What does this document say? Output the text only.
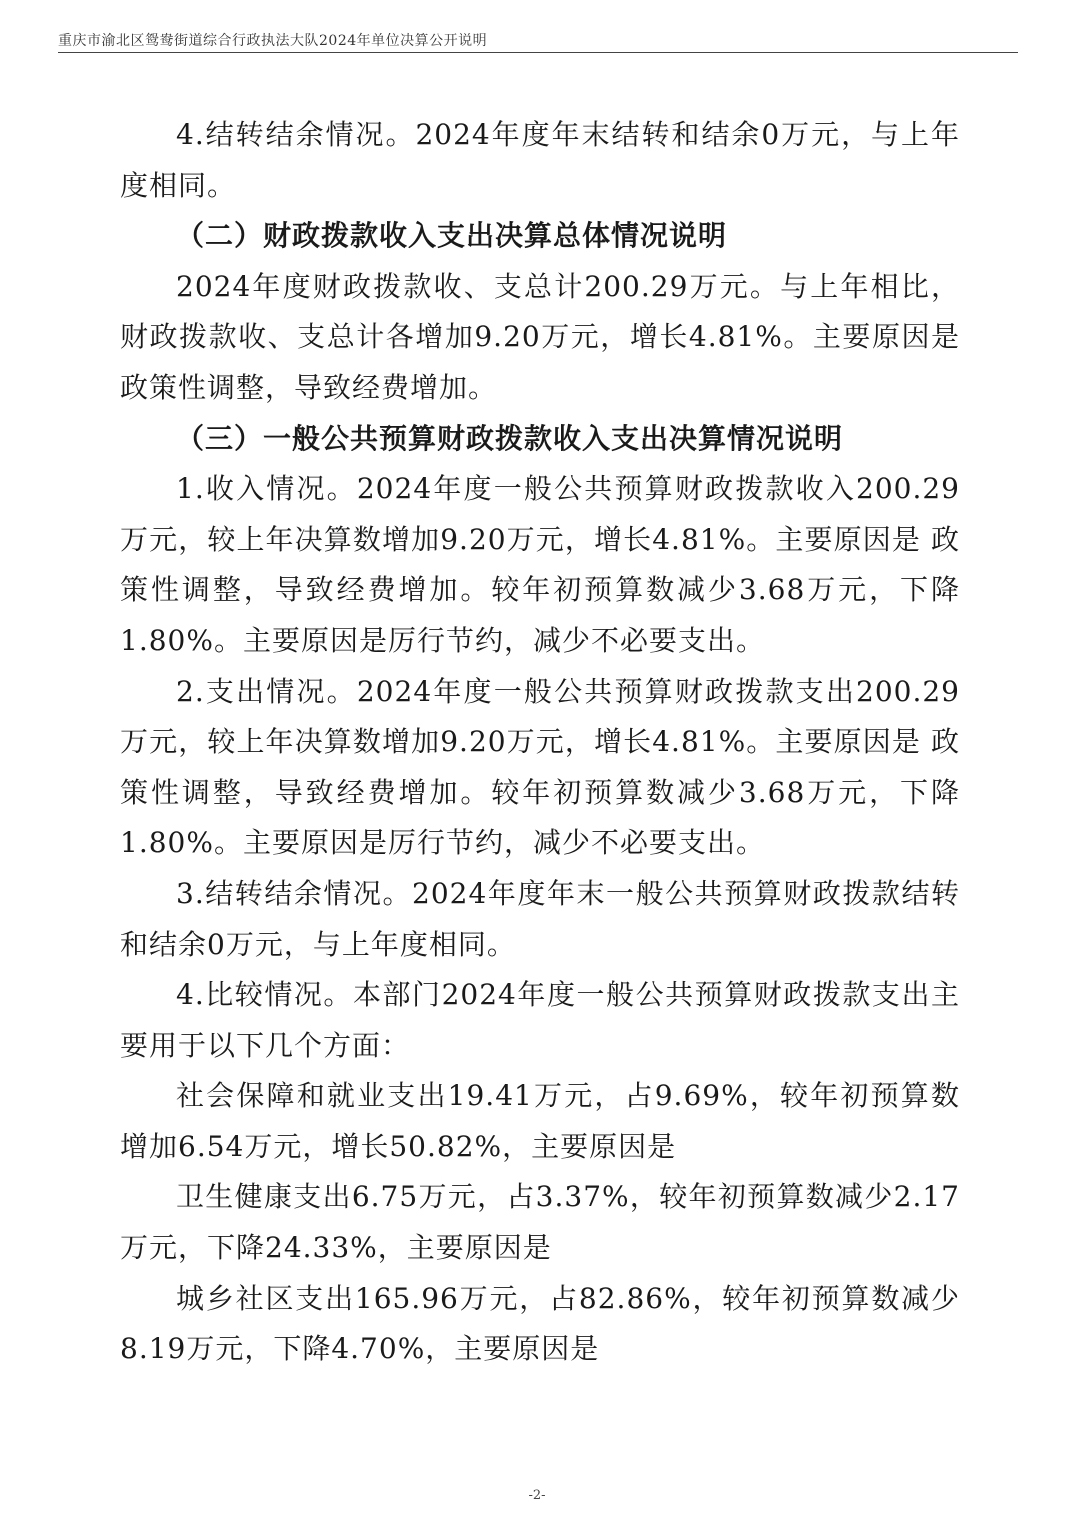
重庆市渝北区鸳鸯街道综合行政执法大队2024年单位决算公开说明

4.结转结余情况。2024年度年末结转和结余0万元，与上年度相同。

（二）财政拨款收入支出决算总体情况说明

2024年度财政拨款收、支总计200.29万元。与上年相比，财政拨款收、支总计各增加9.20万元，增长4.81%。主要原因是 政策性调整，导致经费增加。

（三）一般公共预算财政拨款收入支出决算情况说明

1.收入情况。2024年度一般公共预算财政拨款收入200.29万元，较上年决算数增加9.20万元，增长4.81%。主要原因是 政策性调整，导致经费增加。较年初预算数减少3.68万元，下降1.80%。主要原因是厉行节约，减少不必要支出。

2.支出情况。2024年度一般公共预算财政拨款支出200.29万元，较上年决算数增加9.20万元，增长4.81%。主要原因是 政策性调整，导致经费增加。较年初预算数减少3.68万元，下降1.80%。主要原因是厉行节约，减少不必要支出。

3.结转结余情况。2024年度年末一般公共预算财政拨款结转和结余0万元，与上年度相同。

4.比较情况。本部门2024年度一般公共预算财政拨款支出主要用于以下几个方面：

社会保障和就业支出19.41万元，占9.69%，较年初预算数增加6.54万元，增长50.82%，主要原因是

卫生健康支出6.75万元，占3.37%，较年初预算数减少2.17万元，下降24.33%，主要原因是

城乡社区支出165.96万元，占82.86%，较年初预算数减少8.19万元，下降4.70%，主要原因是

-2-
